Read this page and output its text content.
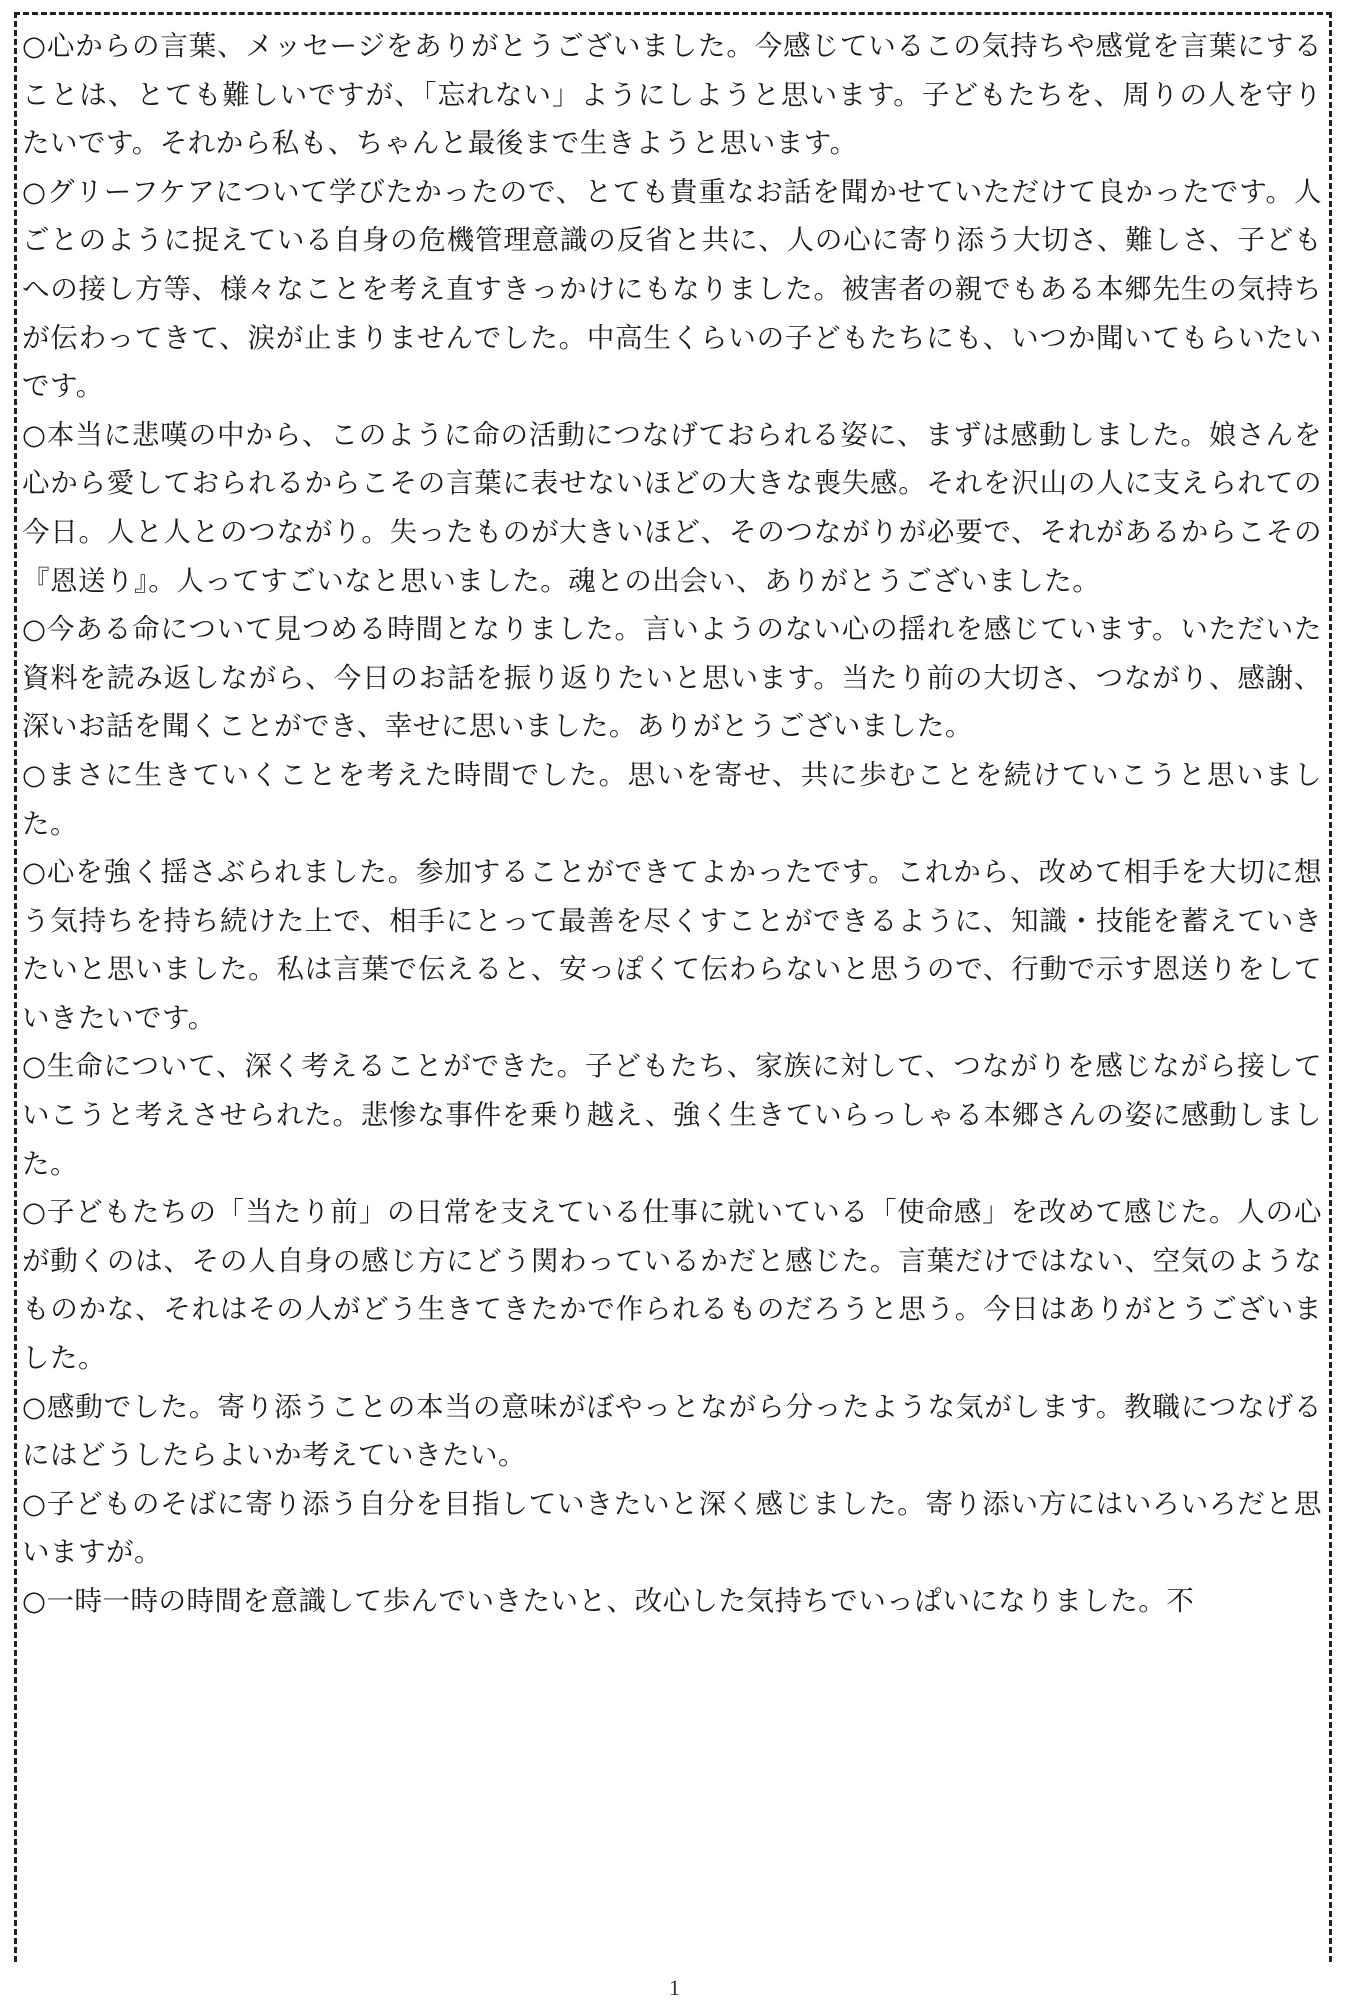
○心からの言葉、メッセージをありがとうございました。今感じているこの気持ちや感覚を言葉にすることは、とても難しいですが、「忘れない」ようにしようと思います。子どもたちを、周りの人を守りたいです。それから私も、ちゃんと最後まで生きようと思います。

○グリーフケアについて学びたかったので、とても貴重なお話を聞かせていただけて良かったです。人ごとのように捉えている自身の危機管理意識の反省と共に、人の心に寄り添う大切さ、難しさ、子どもへの接し方等、様々なことを考え直すきっかけにもなりました。被害者の親でもある本郷先生の気持ちが伝わってきて、涙が止まりませんでした。中高生くらいの子どもたちにも、いつか聞いてもらいたいです。

○本当に悲嘆の中から、このように命の活動につなげておられる姿に、まずは感動しました。娘さんを心から愛しておられるからこその言葉に表せないほどの大きな喪失感。それを沢山の人に支えられての今日。人と人とのつながり。失ったものが大きいほど、そのつながりが必要で、それがあるからこその『恩送り』。人ってすごいなと思いました。魂との出会い、ありがとうございました。

○今ある命について見つめる時間となりました。言いようのない心の揺れを感じています。いただいた資料を読み返しながら、今日のお話を振り返りたいと思います。当たり前の大切さ、つながり、感謝、深いお話を聞くことができ、幸せに思いました。ありがとうございました。

○まさに生きていくことを考えた時間でした。思いを寄せ、共に歩むことを続けていこうと思いました。

○心を強く揺さぶられました。参加することができてよかったです。これから、改めて相手を大切に想う気持ちを持ち続けた上で、相手にとって最善を尽くすことができるように、知識・技能を蓄えていきたいと思いました。私は言葉で伝えると、安っぽくて伝わらないと思うので、行動で示す恩送りをしていきたいです。

○生命について、深く考えることができた。子どもたち、家族に対して、つながりを感じながら接していこうと考えさせられた。悲惨な事件を乗り越え、強く生きていらっしゃる本郷さんの姿に感動しました。

○子どもたちの「当たり前」の日常を支えている仕事に就いている「使命感」を改めて感じた。人の心が動くのは、その人自身の感じ方にどう関わっているかだと感じた。言葉だけではない、空気のようなものかな、それはその人がどう生きてきたかで作られるものだろうと思う。今日はありがとうございました。

○感動でした。寄り添うことの本当の意味がぼやっとながら分ったような気がします。教職につなげるにはどうしたらよいか考えていきたい。

○子どものそばに寄り添う自分を目指していきたいと深く感じました。寄り添い方にはいろいろだと思いますが。

○一時一時の時間を意識して歩んでいきたいと、改心した気持ちでいっぱいになりました。不

1
